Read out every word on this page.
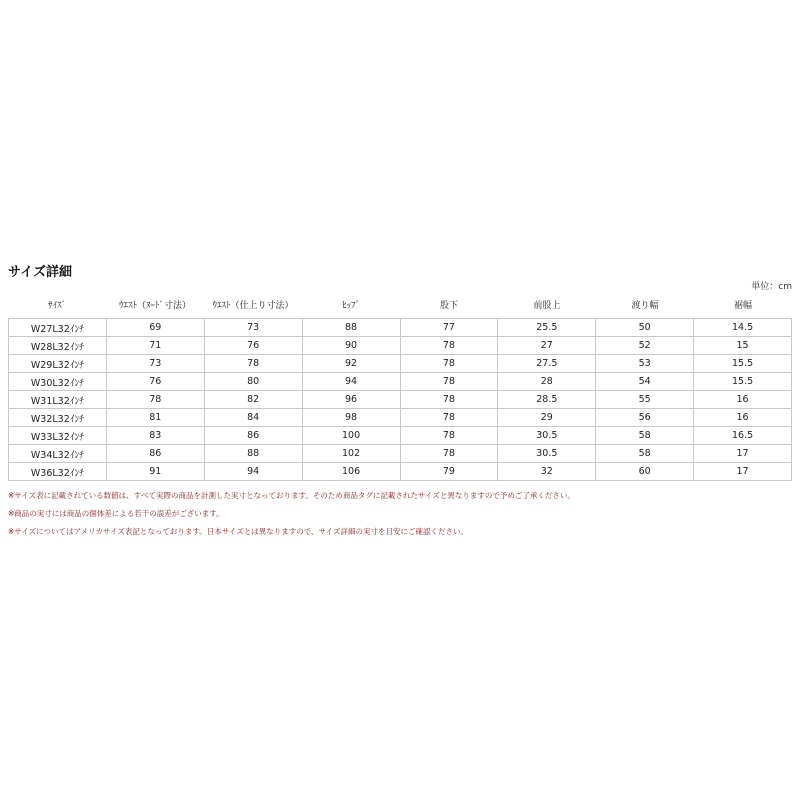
サイズ詳細
単位：cm
ｻｲｽﾞ	ｳｴｽﾄ（ﾇｰﾄﾞ寸法）	ｳｴｽﾄ（仕上り寸法）	ﾋｯﾌﾟ	股下	前股上	渡り幅	裾幅
W27L32ｲﾝﾁ	69	73	88	77	25.5	50	14.5
W28L32ｲﾝﾁ	71	76	90	78	27	52	15
W29L32ｲﾝﾁ	73	78	92	78	27.5	53	15.5
W30L32ｲﾝﾁ	76	80	94	78	28	54	15.5
W31L32ｲﾝﾁ	78	82	96	78	28.5	55	16
W32L32ｲﾝﾁ	81	84	98	78	29	56	16
W33L32ｲﾝﾁ	83	86	100	78	30.5	58	16.5
W34L32ｲﾝﾁ	86	88	102	78	30.5	58	17
W36L32ｲﾝﾁ	91	94	106	79	32	60	17

※サイズ表に記載されている数値は、すべて実際の商品を計測した実寸となっております。そのため商品タグに記載されたサイズと異なりますので予めご了承ください。

※商品の実寸には商品の個体差による若干の誤差がございます。

※サイズについてはアメリカサイズ表記となっております。日本サイズとは異なりますので、サイズ詳細の実寸を目安にご確認ください。
